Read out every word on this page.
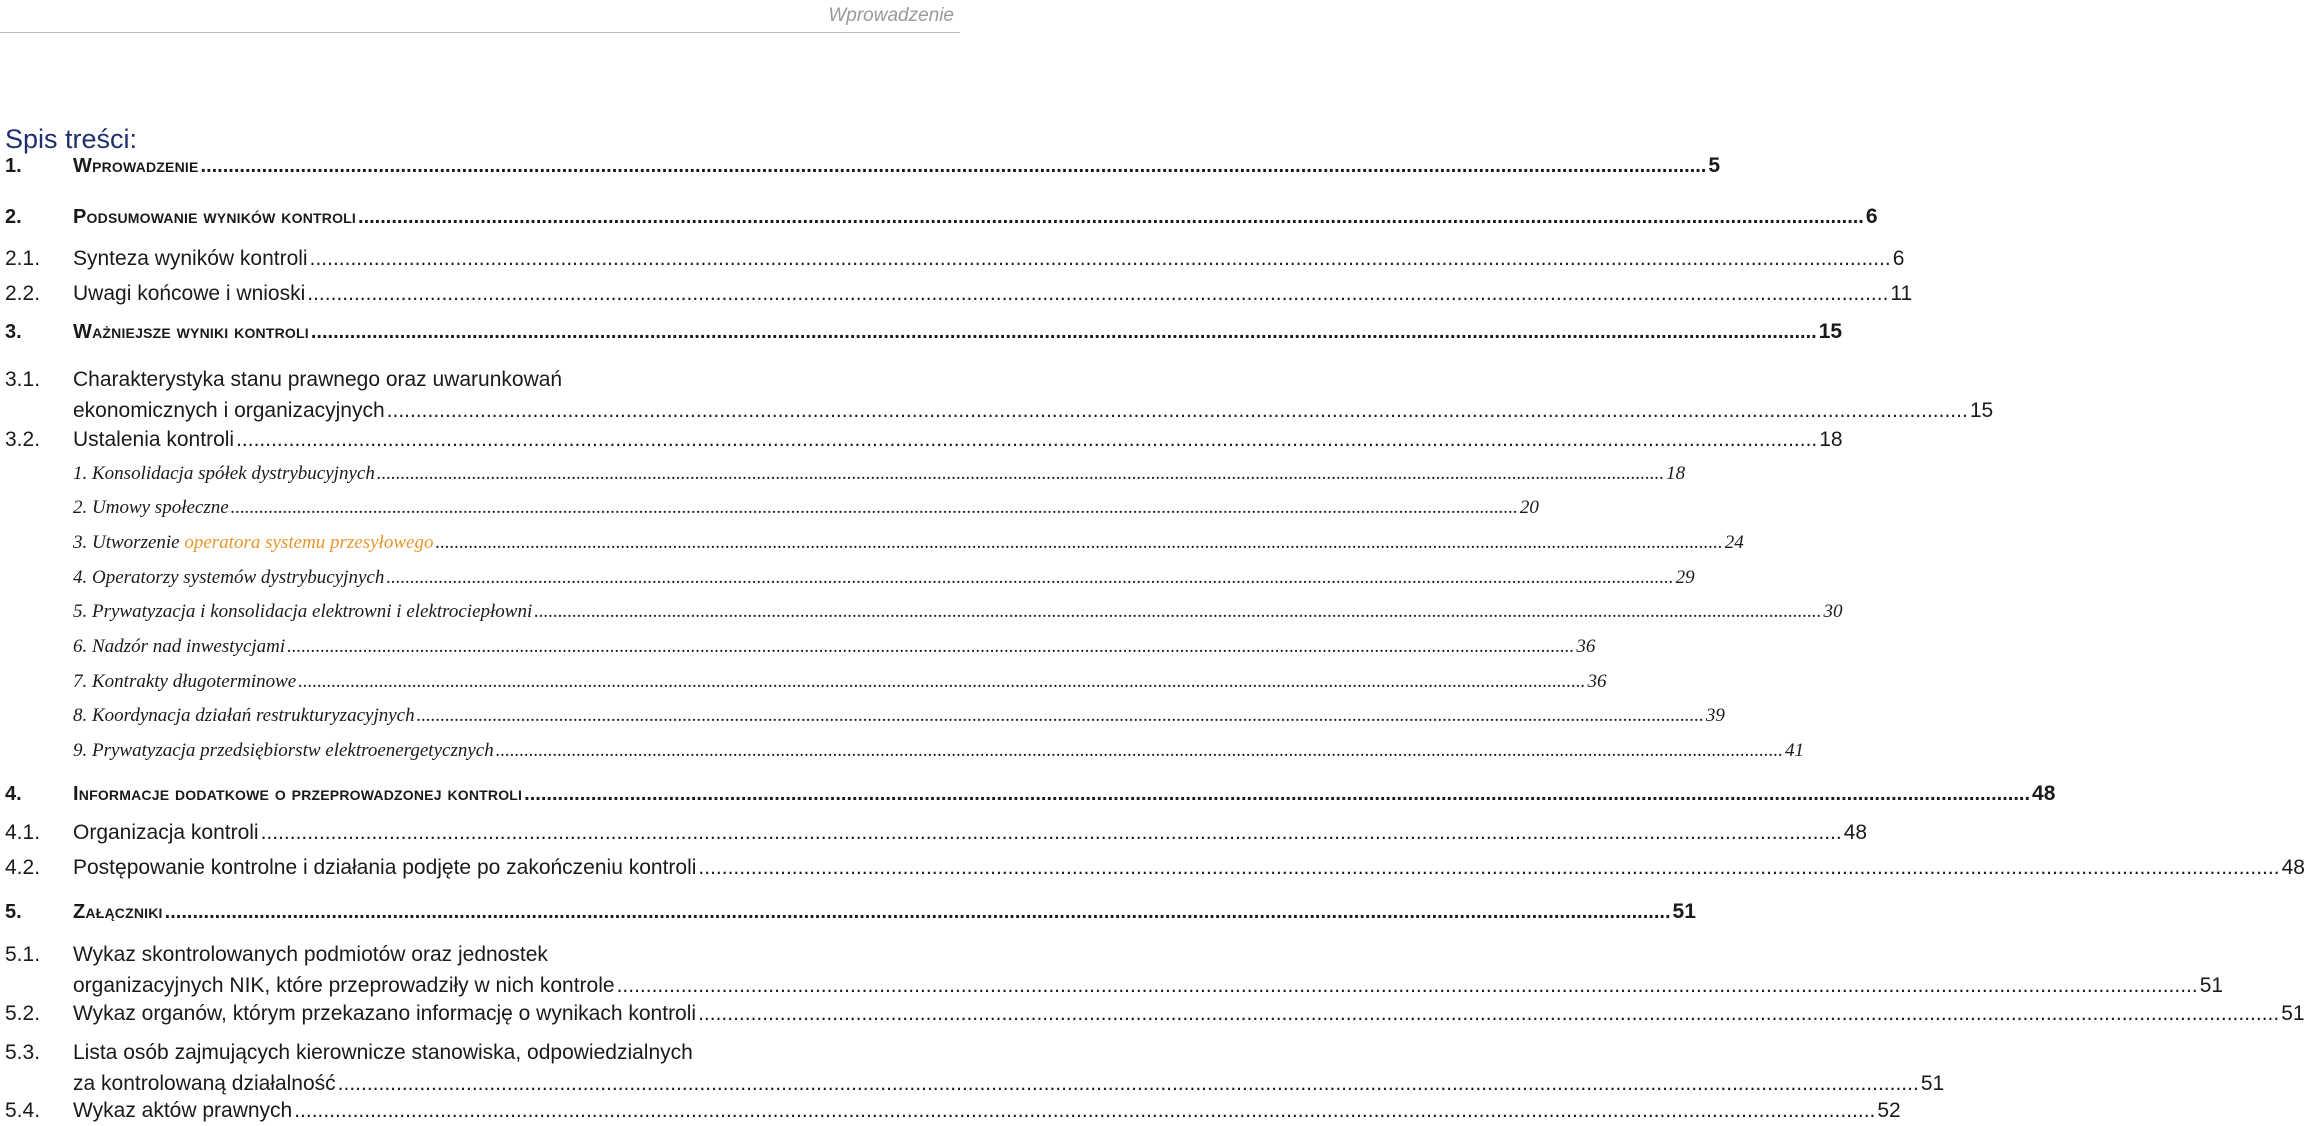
Wprowadzenie
Spis treści:
1.	Wprowadzenie .....	5
2.	Podsumowanie wyników kontroli .....	6
2.1.	Synteza wyników kontroli .....	6
2.2.	Uwagi końcowe i wnioski .....	11
3.	Ważniejsze wyniki kontroli .....	15
3.1.	Charakterystyka stanu prawnego oraz uwarunkowań
ekonomicznych i organizacyjnych .....	15
3.2.	Ustalenia kontroli .....	18
1. Konsolidacja spółek dystrybucyjnych .....	18
2. Umowy społeczne .....	20
3. Utworzenie operatora systemu przesyłowego .....	24
4. Operatorzy systemów dystrybucyjnych .....	29
5. Prywatyzacja i konsolidacja elektrowni i elektrociepłowni .....	30
6. Nadzór nad inwestycjami .....	36
7. Kontrakty długoterminowe .....	36
8. Koordynacja działań restrukturyzacyjnych .....	39
9. Prywatyzacja przedsiębiorstw elektroenergetycznych .....	41
4.	Informacje dodatkowe o przeprowadzonej kontroli .....	48
4.1.	Organizacja kontroli .....	48
4.2.	Postępowanie kontrolne i działania podjęte po zakończeniu kontroli .....	48
5.	Załączniki .....	51
5.1.	Wykaz skontrolowanych podmiotów oraz jednostek
organizacyjnych NIK, które przeprowadziły w nich kontrole .....	51
5.2.	Wykaz organów, którym przekazano informację o wynikach kontroli .....	51
5.3.	Lista osób zajmujących kierownicze stanowiska, odpowiedzialnych
za kontrolowaną działalność .....	51
5.4.	Wykaz aktów prawnych .....	52
